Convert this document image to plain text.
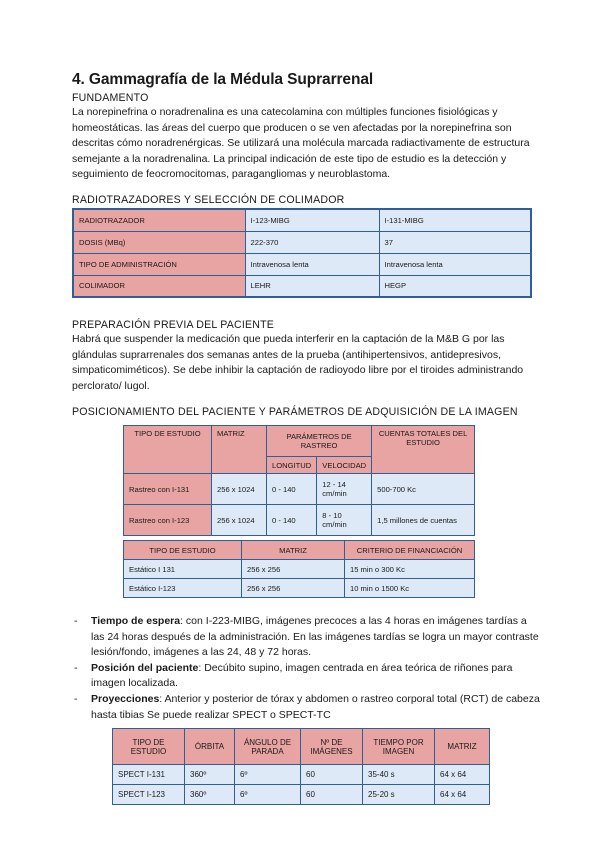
4. Gammagrafía de la Médula Suprarrenal
FUNDAMENTO
La norepinefrina o noradrenalina es una catecolamina con múltiples funciones fisiológicas y homeostáticas. las áreas del cuerpo que producen o se ven afectadas por la norepinefrina son descritas cómo noradrenérgicas. Se utilizará una molécula marcada radiactivamente de estructura semejante a la noradrenalina. La principal indicación de este tipo de estudio es la detección y seguimiento de feocromocitomas, paragangliomas y neuroblastoma.
RADIOTRAZADORES Y SELECCIÓN DE COLIMADOR
RADIOTRAZADOR	I-123-MIBG	I-131-MIBG
DOSIS (MBq)	222-370	37
TIPO DE ADMINISTRACIÓN	Intravenosa lenta	Intravenosa lenta
COLIMADOR	LEHR	HEGP
PREPARACIÓN PREVIA DEL PACIENTE
Habrá que suspender la medicación que pueda interferir en la captación de la M&B G por las glándulas suprarrenales dos semanas antes de la prueba (antihipertensivos, antidepresivos, simpaticomiméticos). Se debe inhibir la captación de radioyodo libre por el tiroides administrando perclorato/ lugol.
POSICIONAMIENTO DEL PACIENTE Y PARÁMETROS DE ADQUISICIÓN DE LA IMAGEN
TIPO DE ESTUDIO	MATRIZ	PARÁMETROS DE RASTREO		CUENTAS TOTALES DEL ESTUDIO
		LONGITUD	VELOCIDAD	
Rastreo con I-131	256 x 1024	0 - 140	12 - 14 cm/min	500-700 Kc
Rastreo con I-123	256 x 1024	0 - 140	8 - 10 cm/min	1,5 millones de cuentas
TIPO DE ESTUDIO	MATRIZ	CRITERIO DE FINANCIACIÓN
Estático I 131	256 x 256	15 min o 300 Kc
Estático I-123	256 x 256	10 min o 1500 Kc
- Tiempo de espera: con I-223-MIBG, imágenes precoces a las 4 horas en imágenes tardías a las 24 horas después de la administración. En las imágenes tardías se logra un mayor contraste lesión/fondo, imágenes a las 24, 48 y 72 horas.
- Posición del paciente: Decúbito supino, imagen centrada en área teórica de riñones para imagen localizada.
- Proyecciones: Anterior y posterior de tórax y abdomen o rastreo corporal total (RCT) de cabeza hasta tibias Se puede realizar SPECT o SPECT-TC
TIPO DE ESTUDIO	ÓRBITA	ÁNGULO DE PARADA	Nº DE IMÁGENES	TIEMPO POR IMAGEN	MATRIZ
SPECT I-131	360º	6º	60	35-40 s	64 x 64
SPECT I-123	360º	6º	60	25-20 s	64 x 64
